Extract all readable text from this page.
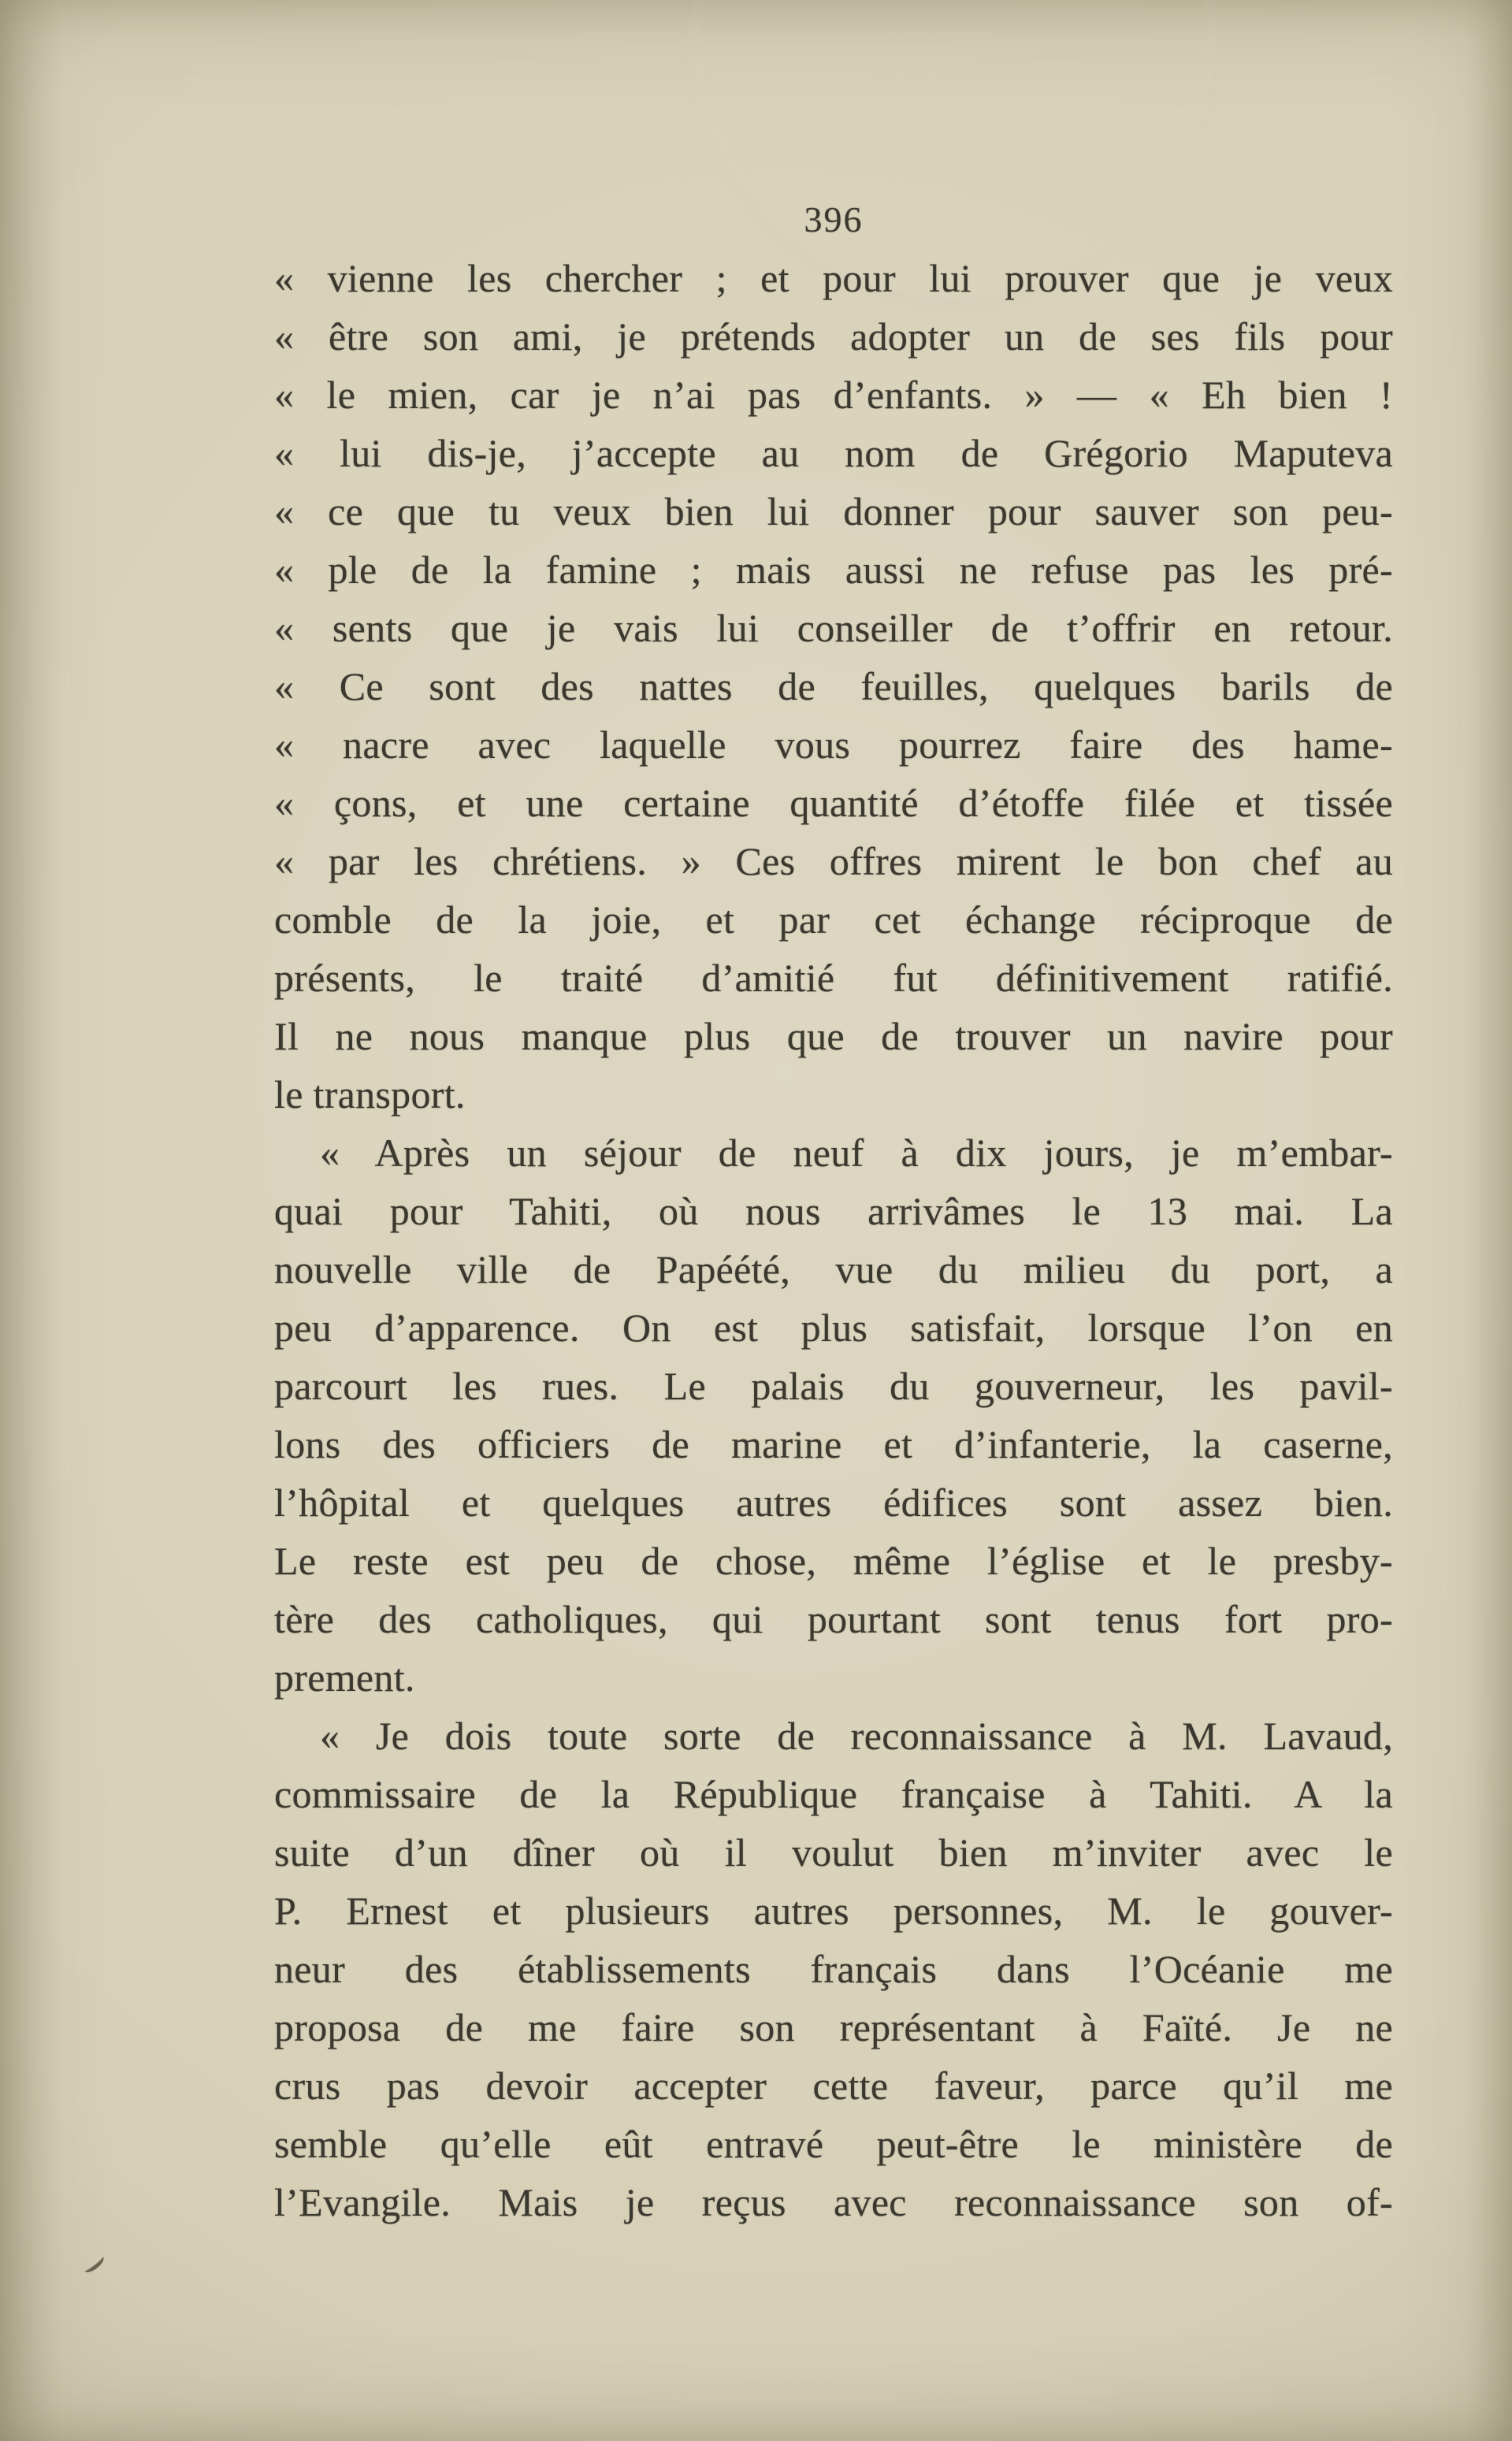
396
« vienne les chercher ; et pour lui prouver que je veux
« être son ami, je prétends adopter un de ses fils pour
« le mien, car je n’ai pas d’enfants. » — « Eh bien !
« lui dis-je, j’accepte au nom de Grégorio Maputeva
« ce que tu veux bien lui donner pour sauver son peu-
« ple de la famine ; mais aussi ne refuse pas les pré-
« sents que je vais lui conseiller de t’offrir en retour.
« Ce sont des nattes de feuilles, quelques barils de
« nacre avec laquelle vous pourrez faire des hame-
« çons, et une certaine quantité d’étoffe filée et tissée
« par les chrétiens. » Ces offres mirent le bon chef au
comble de la joie, et par cet échange réciproque de
présents, le traité d’amitié fut définitivement ratifié.
Il ne nous manque plus que de trouver un navire pour
le transport.
« Après un séjour de neuf à dix jours, je m’embar-
quai pour Tahiti, où nous arrivâmes le 13 mai. La
nouvelle ville de Papéété, vue du milieu du port, a
peu d’apparence. On est plus satisfait, lorsque l’on en
parcourt les rues. Le palais du gouverneur, les pavil-
lons des officiers de marine et d’infanterie, la caserne,
l’hôpital et quelques autres édifices sont assez bien.
Le reste est peu de chose, même l’église et le presby-
tère des catholiques, qui pourtant sont tenus fort pro-
prement.
« Je dois toute sorte de reconnaissance à M. Lavaud,
commissaire de la République française à Tahiti. A la
suite d’un dîner où il voulut bien m’inviter avec le
P. Ernest et plusieurs autres personnes, M. le gouver-
neur des établissements français dans l’Océanie me
proposa de me faire son représentant à Faïté. Je ne
crus pas devoir accepter cette faveur, parce qu’il me
semble qu’elle eût entravé peut-être le ministère de
l’Evangile. Mais je reçus avec reconnaissance son of-
